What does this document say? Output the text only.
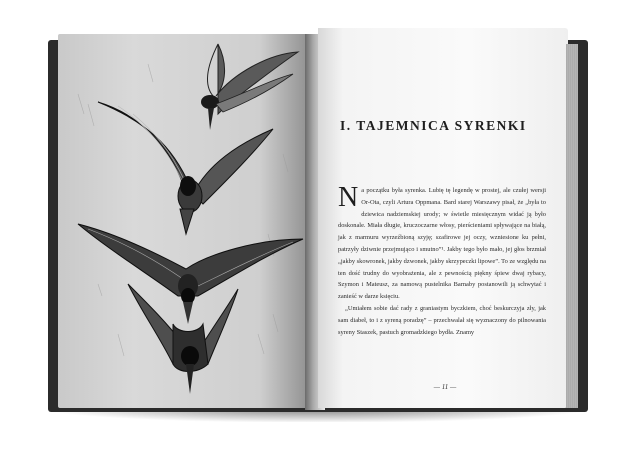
I. TAJEMNICA SYRENKI

Na początku była syrenka. Lubię tę legendę w prostej, ale czułej wersji Or-Ota, czyli Artura Oppmana. Bard starej Warszawy pisał, że „była to dziewica nadziemskiej urody; w świetle miesięcznym widać ją było doskonale. Miała długie, kruczoczarne włosy, pierścieniami spływające na białą, jak z marmuru wyrzeźbioną szyję; szafirowe jej oczy, wzniesione ku pełni, patrzyły dziwnie przejmująco i smutno”¹. Jakby tego było mało, jej głos brzmiał „jakby skowronek, jakby dzwonek, jakby skrzypeczki lipowe”. To ze względu na ten dość trudny do wyobrażenia, ale z pewnością piękny śpiew dwaj rybacy, Szymon i Mateusz, za namową pustelnika Barnaby postanowili ją schwytać i zanieść w darze księciu.

„Umiałem sobie dać rady z graniastym byczkiem, choć beskurczyja zły, jak sam diabeł, to i z syreną poradzę” – przechwalał się wyznaczony do pilnowania syreny Staszek, pastuch gromadzkiego bydła. Znamy

— 11 —
